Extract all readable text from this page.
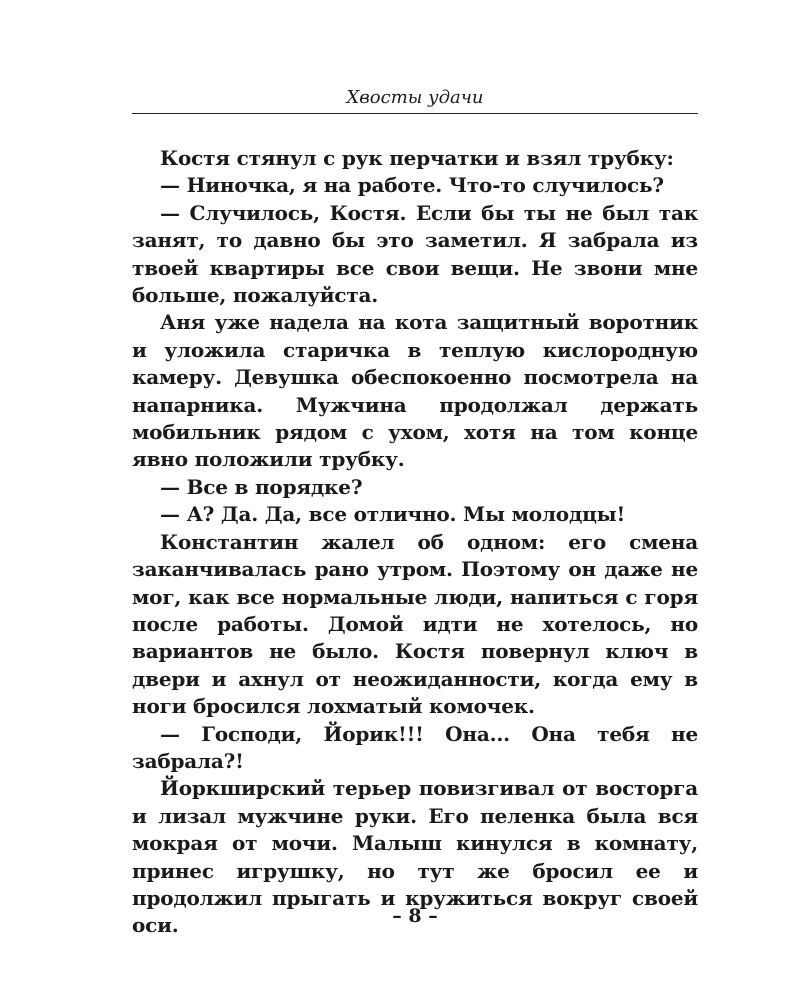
Хвосты удачи

Костя стянул с рук перчатки и взял трубку:

— Ниночка, я на работе. Что-то случилось?

— Случилось, Костя. Если бы ты не был так занят, то давно бы это заметил. Я забрала из твоей квартиры все свои вещи. Не звони мне больше, пожалуйста.

Аня уже надела на кота защитный воротник и уложила старичка в теплую кислородную камеру. Девушка обеспокоенно посмотрела на напарника. Мужчина продолжал держать мобильник рядом с ухом, хотя на том конце явно положили трубку.

— Все в порядке?

— А? Да. Да, все отлично. Мы молодцы!

Константин жалел об одном: его смена заканчивалась рано утром. Поэтому он даже не мог, как все нормальные люди, напиться с горя после работы. Домой идти не хотелось, но вариантов не было. Костя повернул ключ в двери и ахнул от неожиданности, когда ему в ноги бросился лохматый комочек.

— Господи, Йорик!!! Она... Она тебя не забрала?!

Йоркширский терьер повизгивал от восторга и лизал мужчине руки. Его пеленка была вся мокрая от мочи. Малыш кинулся в комнату, принес игрушку, но тут же бросил ее и продолжил прыгать и кружиться вокруг своей оси.	– 8 –
